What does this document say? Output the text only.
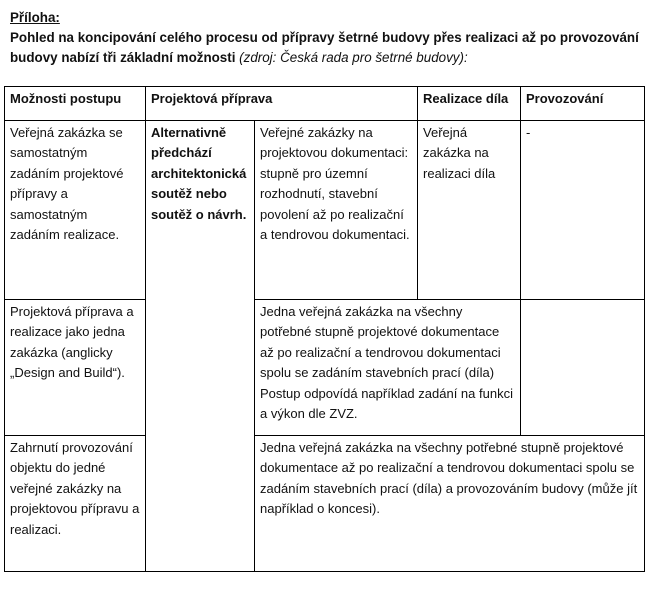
Příloha:
Pohled na koncipování celého procesu od přípravy šetrné budovy přes realizaci až po provozování budovy nabízí tři základní možnosti (zdroj: Česká rada pro šetrné budovy):
Možnosti postupu	Projektová příprava		Realizace díla	Provozování
Veřejná zakázka se samostatným zadáním projektové přípravy a samostatným zadáním realizace.	Alternativně předchází architektonická soutěž nebo soutěž o návrh.	Veřejné zakázky na projektovou dokumentaci: stupně pro územní rozhodnutí, stavební povolení až po realizační a tendrovou dokumentaci.	Veřejná zakázka na realizaci díla	-
Projektová příprava a realizace jako jedna zakázka (anglicky „Design and Build“).		Jedna veřejná zakázka na všechny potřebné stupně projektové dokumentace až po realizační a tendrovou dokumentaci spolu se zadáním stavebních prací (díla) Postup odpovídá například zadání na funkci a výkon dle ZVZ.		
Zahrnutí provozování objektu do jedné veřejné zakázky na projektovou přípravu a realizaci.		Jedna veřejná zakázka na všechny potřebné stupně projektové dokumentace až po realizační a tendrovou dokumentaci spolu se zadáním stavebních prací (díla) a provozováním budovy (může jít například o koncesi).		
